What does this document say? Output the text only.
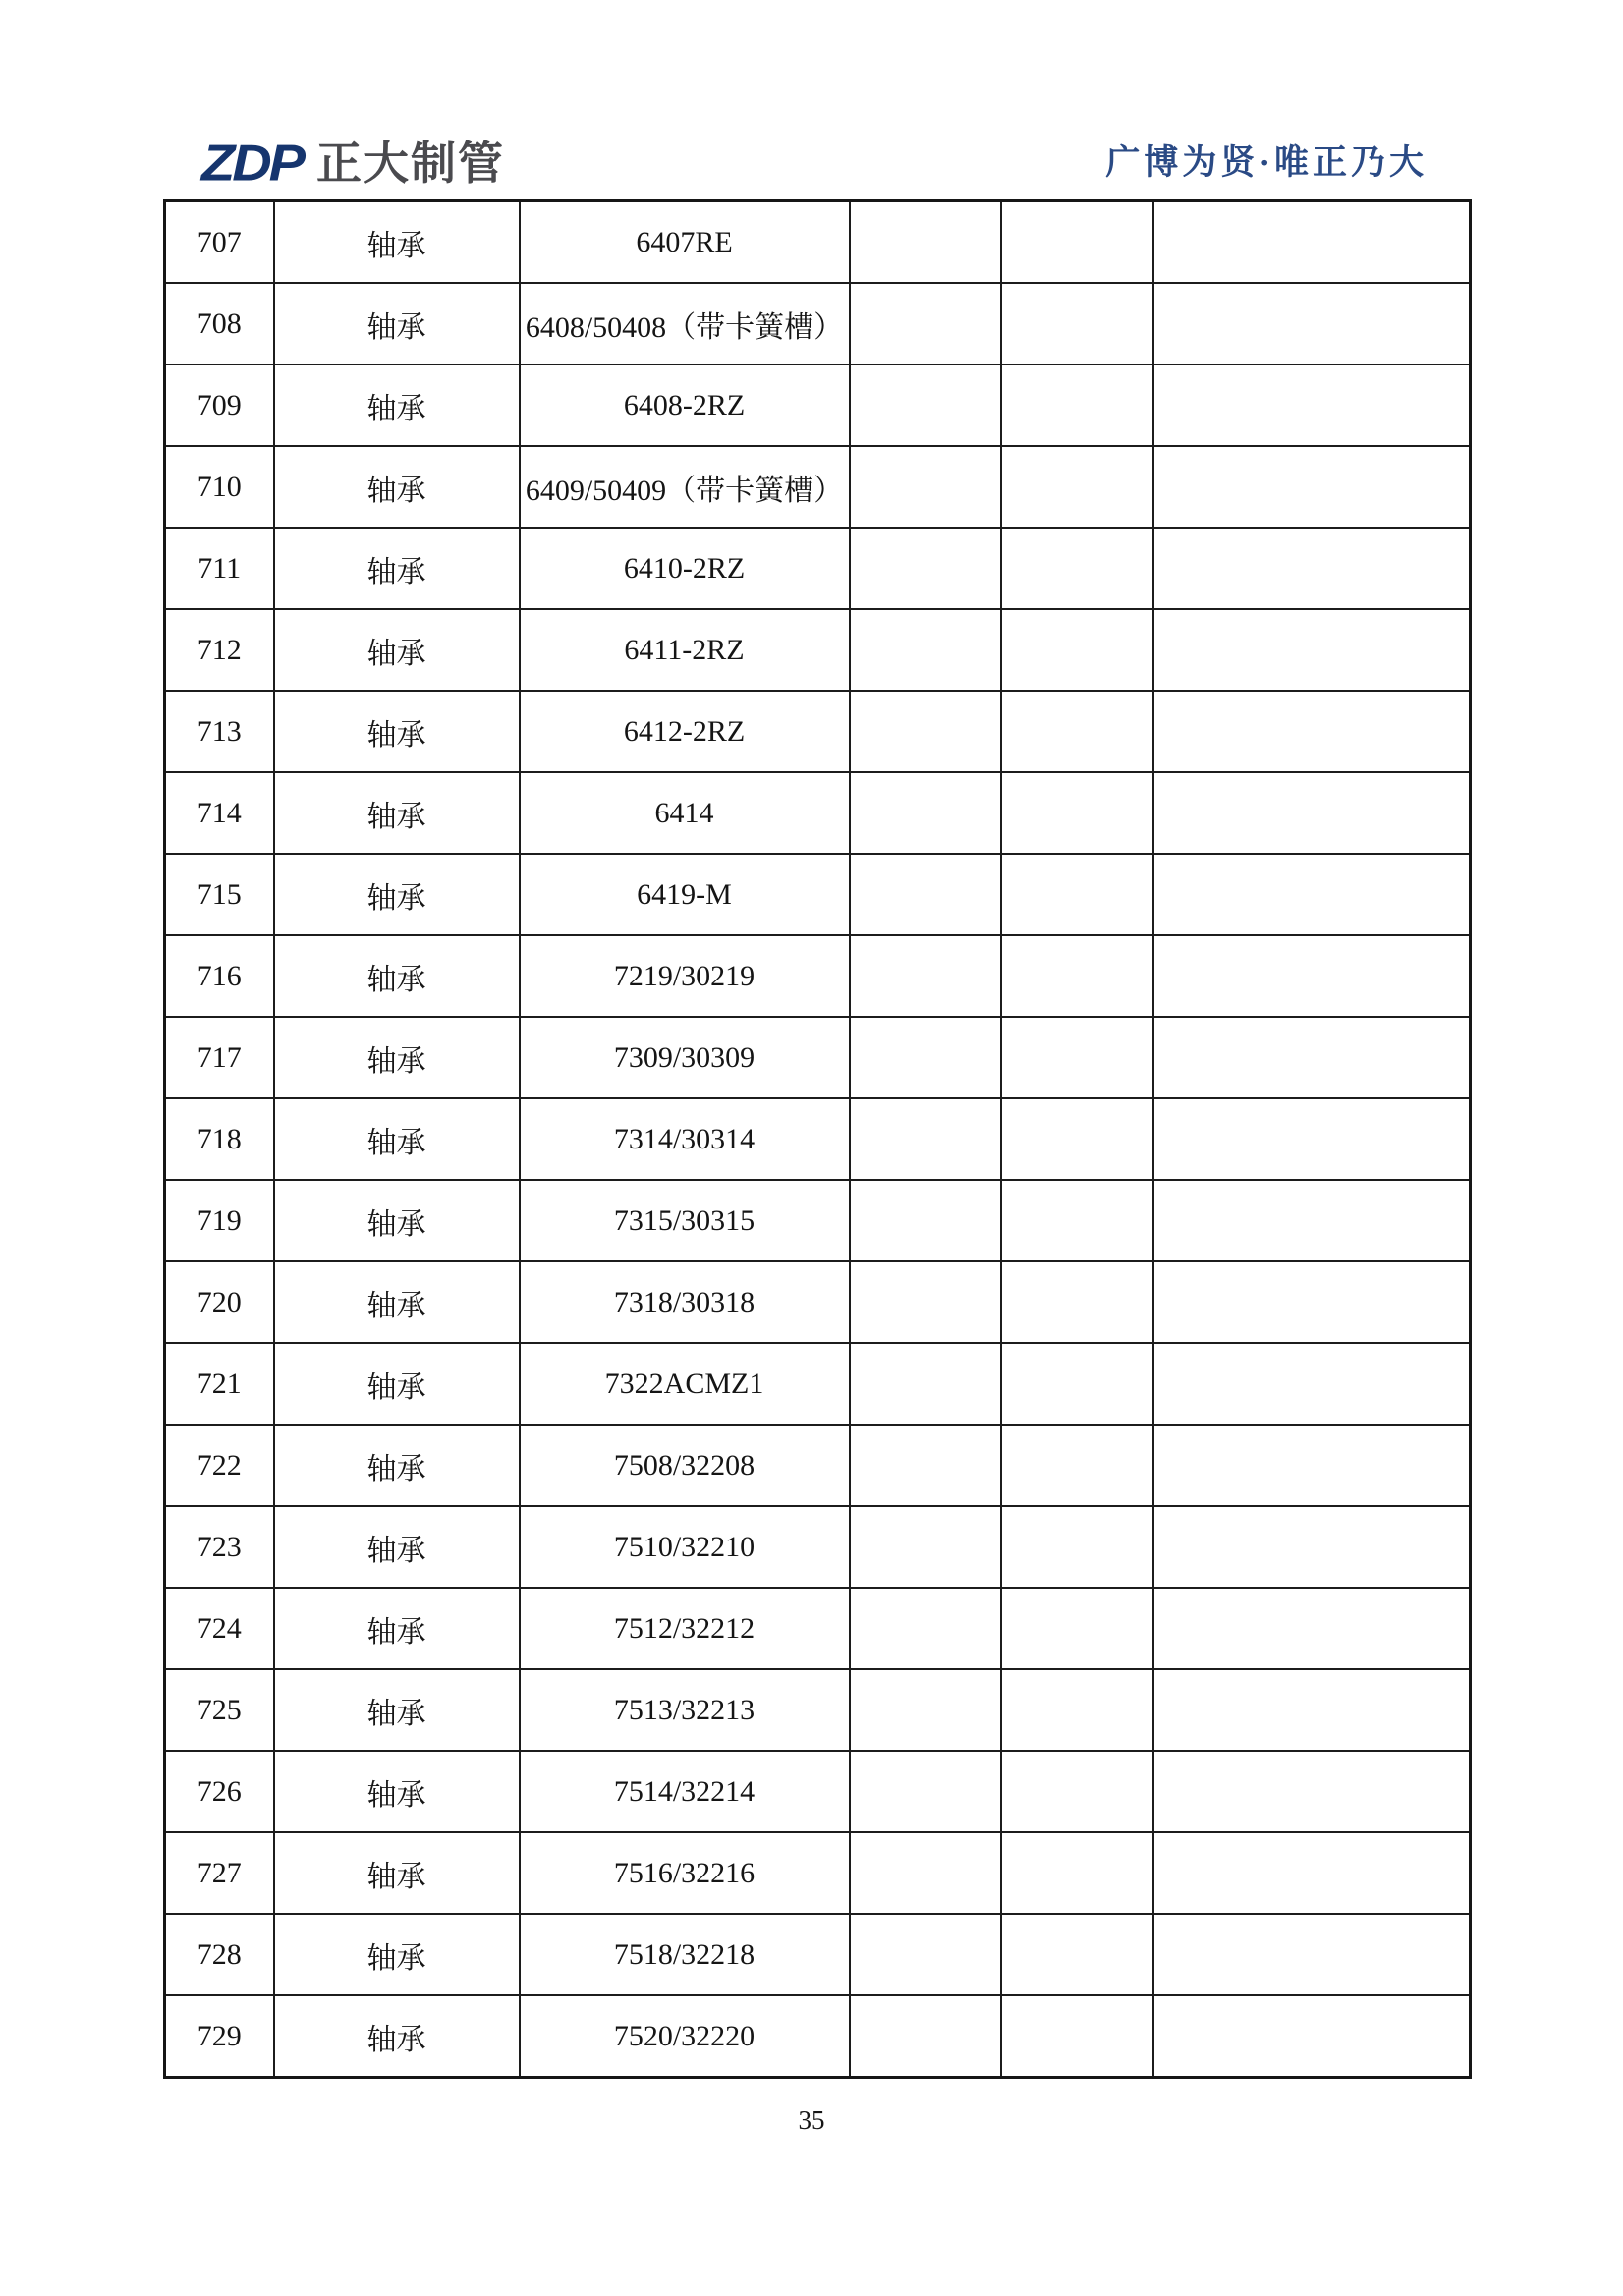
ZDP 正大制管	广博为贤·唯正乃大
707	轴承	6407RE			
708	轴承	6408/50408（带卡簧槽）			
709	轴承	6408-2RZ			
710	轴承	6409/50409（带卡簧槽）			
711	轴承	6410-2RZ			
712	轴承	6411-2RZ			
713	轴承	6412-2RZ			
714	轴承	6414			
715	轴承	6419-M			
716	轴承	7219/30219			
717	轴承	7309/30309			
718	轴承	7314/30314			
719	轴承	7315/30315			
720	轴承	7318/30318			
721	轴承	7322ACMZ1			
722	轴承	7508/32208			
723	轴承	7510/32210			
724	轴承	7512/32212			
725	轴承	7513/32213			
726	轴承	7514/32214			
727	轴承	7516/32216			
728	轴承	7518/32218			
729	轴承	7520/32220			
35
